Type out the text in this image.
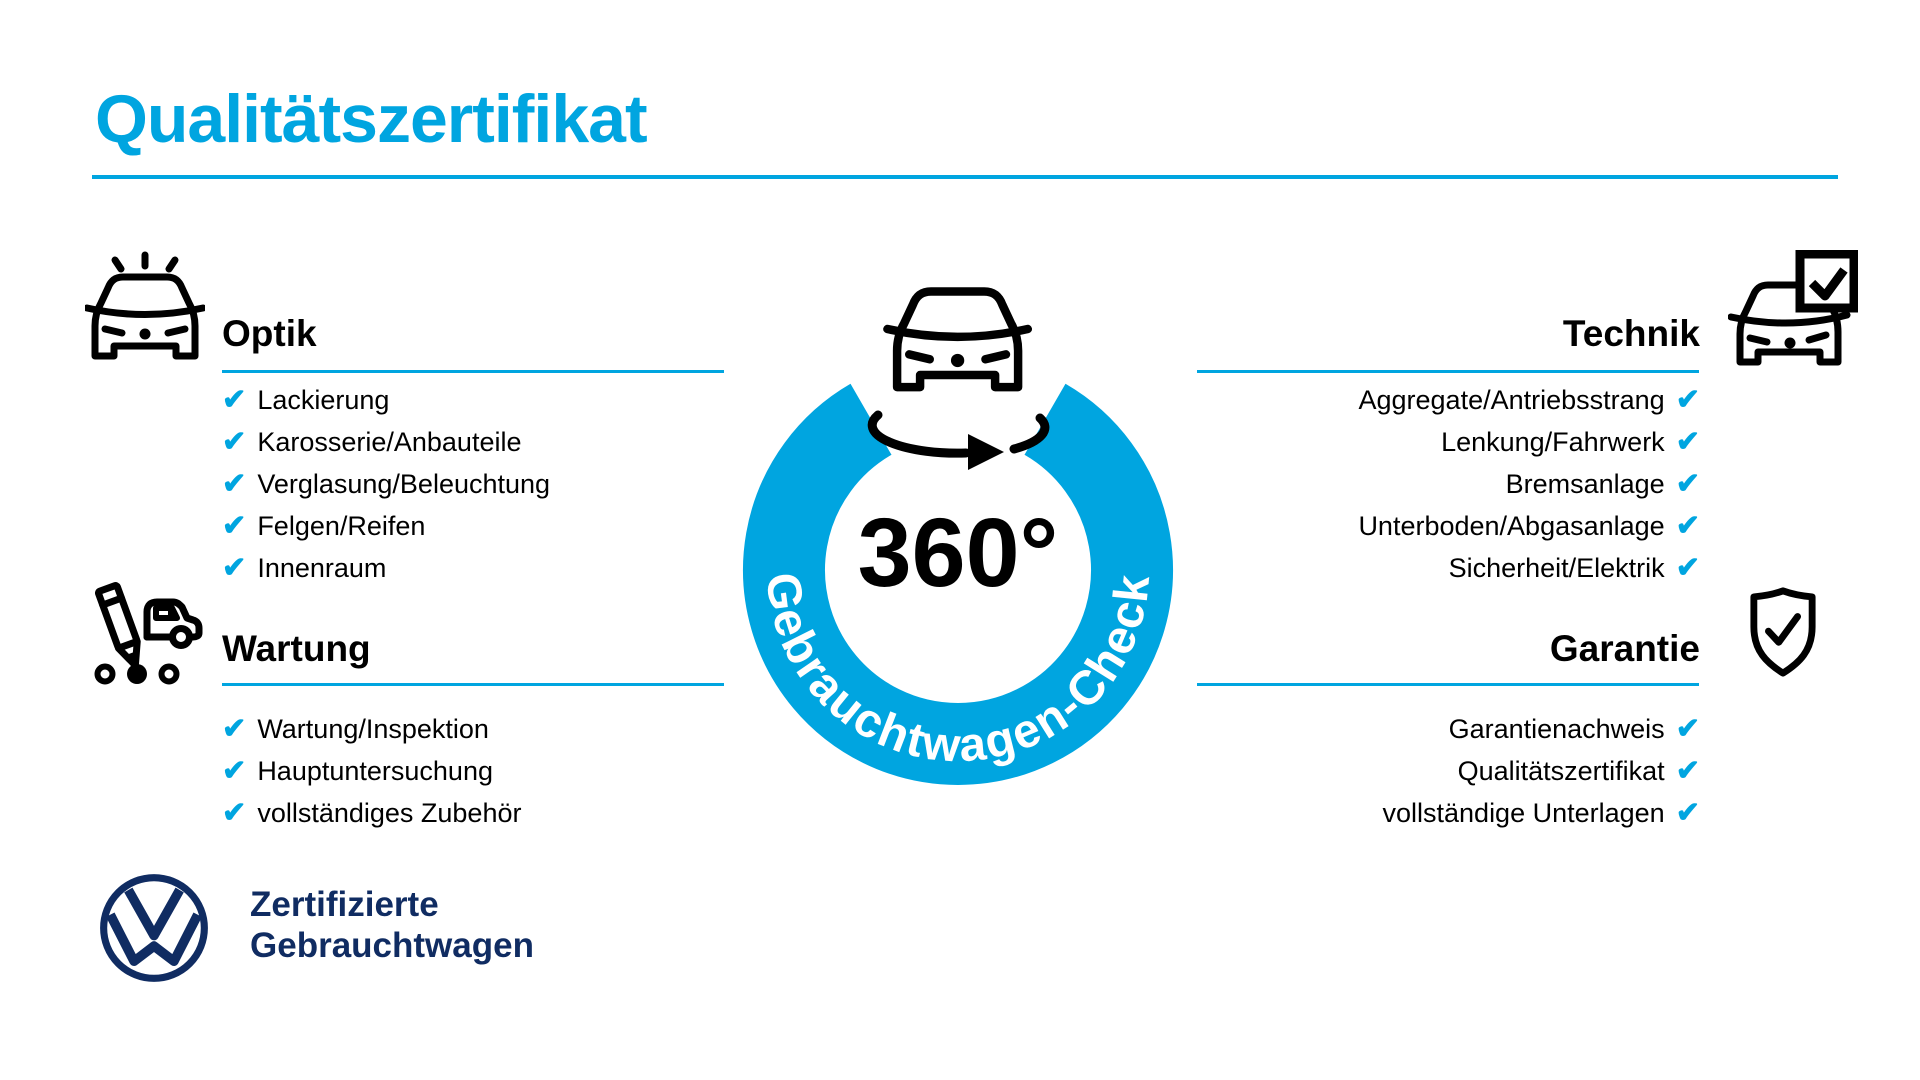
Qualitätszertifikat
Optik
✔ Lackierung
✔ Karosserie/Anbauteile
✔ Verglasung/Beleuchtung
✔ Felgen/Reifen
✔ Innenraum
Wartung
✔ Wartung/Inspektion
✔ Hauptuntersuchung
✔ vollständiges Zubehör
360°
Gebrauchtwagen-Check
Technik
Aggregate/Antriebsstrang ✔
Lenkung/Fahrwerk ✔
Bremsanlage ✔
Unterboden/Abgasanlage ✔
Sicherheit/Elektrik ✔
Garantie
Garantienachweis ✔
Qualitätszertifikat ✔
vollständige Unterlagen ✔
Zertifizierte
Gebrauchtwagen
